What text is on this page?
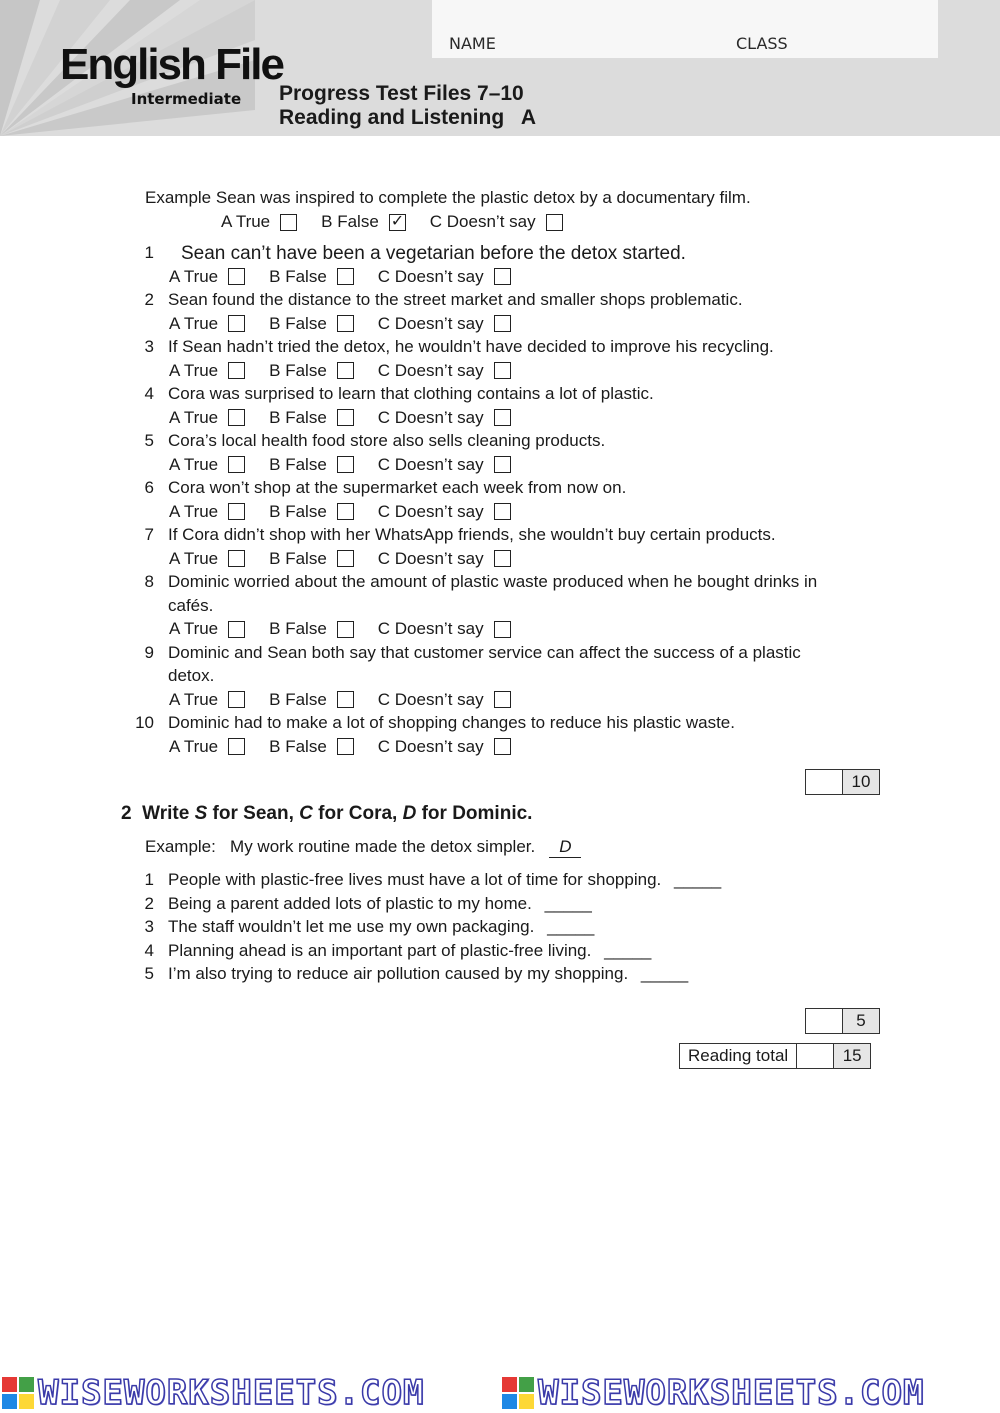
NAME	CLASS
English File
Intermediate Progress Test Files 7–10
Reading and Listening   A
Example Sean was inspired to complete the plastic detox by a documentary film.
A True	B False ✓ C Doesn’t say
1 Sean can’t have been a vegetarian before the detox started.
A True	B False	C Doesn’t say
2 Sean found the distance to the street market and smaller shops problematic.
A True	B False	C Doesn’t say
3 If Sean hadn’t tried the detox, he wouldn’t have decided to improve his recycling.
A True	B False	C Doesn’t say
4 Cora was surprised to learn that clothing contains a lot of plastic.
A True	B False	C Doesn’t say
5 Cora’s local health food store also sells cleaning products.
A True	B False	C Doesn’t say
6 Cora won’t shop at the supermarket each week from now on.
A True	B False	C Doesn’t say
7 If Cora didn’t shop with her WhatsApp friends, she wouldn’t buy certain products.
A True	B False	C Doesn’t say
8 Dominic worried about the amount of plastic waste produced when he bought drinks in
cafés.
A True	B False	C Doesn’t say
9 Dominic and Sean both say that customer service can affect the success of a plastic
detox.
A True	B False	C Doesn’t say
10 Dominic had to make a lot of shopping changes to reduce his plastic waste.
A True	B False	C Doesn’t say
10
2 Write S for Sean, C for Cora, D for Dominic.
Example: My work routine made the detox simpler. D
1 People with plastic-free lives must have a lot of time for shopping. _____
2 Being a parent added lots of plastic to my home. _____
3 The staff wouldn’t let me use my own packaging. _____
4 Planning ahead is an important part of plastic-free living. _____
5 I’m also trying to reduce air pollution caused by my shopping. _____
5
Reading total	15
WISEWORKSHEETS.COM	WISEWORKSHEETS.COM
